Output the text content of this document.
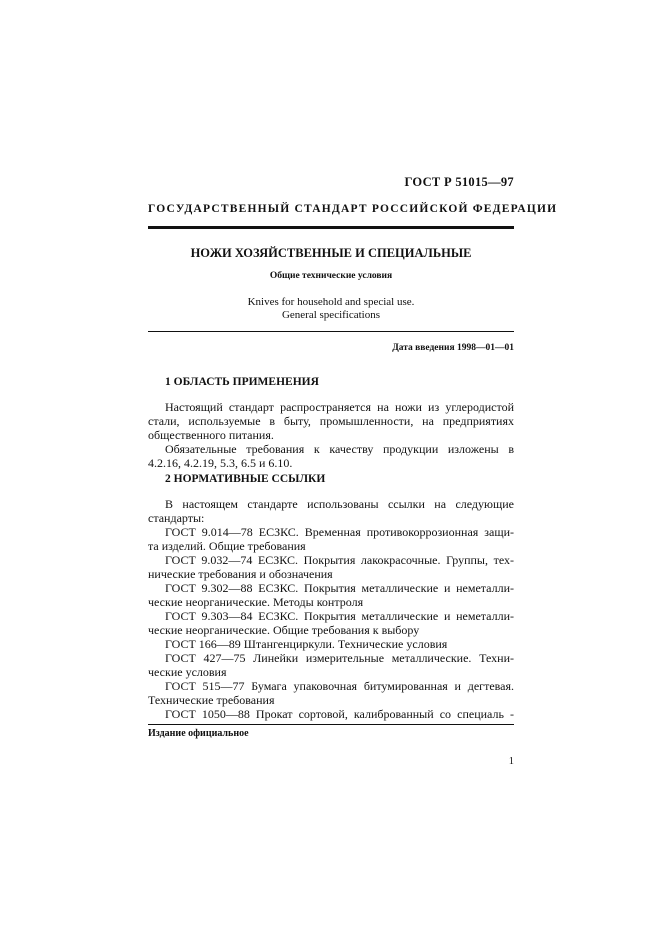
ГОСТ Р 51015—97
ГОСУДАРСТВЕННЫЙ СТАНДАРТ РОССИЙСКОЙ ФЕДЕРАЦИИ
НОЖИ ХОЗЯЙСТВЕННЫЕ И СПЕЦИАЛЬНЫЕ
Общие технические условия
Knives for household and special use.
General specifications
Дата введения 1998—01—01
1 ОБЛАСТЬ ПРИМЕНЕНИЯ
Настоящий стандарт распространяется на ножи из углеродистой
стали, используемые в быту, промышленности, на предприятиях
общественного питания.
Обязательные требования к качеству продукции изложены в
4.2.16, 4.2.19, 5.3, 6.5 и 6.10.
2 НОРМАТИВНЫЕ ССЫЛКИ
В настоящем стандарте использованы ссылки на следующие
стандарты:
ГОСТ 9.014—78 ЕСЗКС. Временная противокоррозионная защи-
та изделий. Общие требования
ГОСТ 9.032—74 ЕСЗКС. Покрытия лакокрасочные. Группы, тех-
нические требования и обозначения
ГОСТ 9.302—88 ЕСЗКС. Покрытия металлические и неметалли-
ческие неорганические. Методы контроля
ГОСТ 9.303—84 ЕСЗКС. Покрытия металлические и неметалли-
ческие неорганические. Общие требования к выбору
ГОСТ 166—89 Штангенциркули. Технические условия
ГОСТ 427—75 Линейки измерительные металлические. Техни-
ческие условия
ГОСТ 515—77 Бумага упаковочная битумированная и дегтевая.
Технические требования
ГОСТ 1050—88 Прокат сортовой, калиброванный со специаль -
Издание официальное
1
